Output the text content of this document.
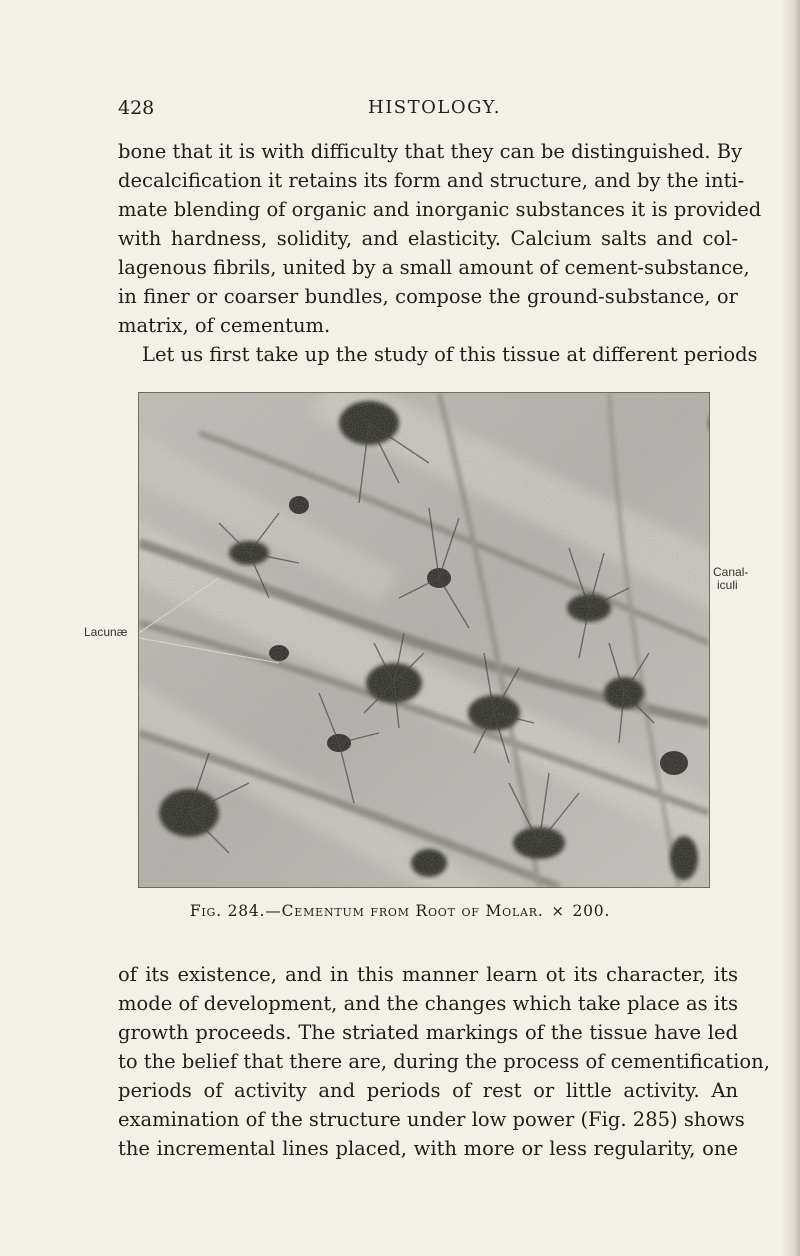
428	HISTOLOGY.
bone that it is with difficulty that they can be distinguished. By
decalcification it retains its form and structure, and by the inti-
mate blending of organic and inorganic substances it is provided
with hardness, solidity, and elasticity. Calcium salts and col-
lagenous fibrils, united by a small amount of cement-substance,
in finer or coarser bundles, compose the ground-substance, or
matrix, of cementum.
Let us first take up the study of this tissue at different periods
Lacunæ
Canal-
iculi
Fig. 284.—Cementum from Root of Molar. × 200.
of its existence, and in this manner learn ot its character, its
mode of development, and the changes which take place as its
growth proceeds. The striated markings of the tissue have led
to the belief that there are, during the process of cementification,
periods of activity and periods of rest or little activity. An
examination of the structure under low power (Fig. 285) shows
the incremental lines placed, with more or less regularity, one
